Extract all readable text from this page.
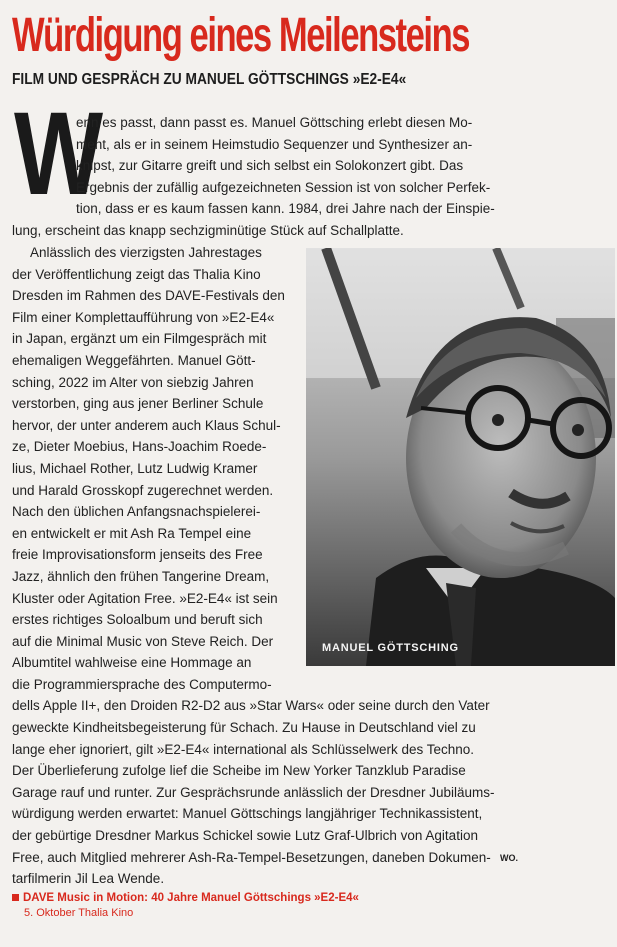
Würdigung eines Meilensteins
FILM UND GESPRÄCH ZU MANUEL GÖTTSCHINGS »E2-E4«
W

enn es passt, dann passt es. Manuel Göttsching erlebt diesen Mo-
ment, als er in seinem Heimstudio Sequenzer und Synthesizer an-
knipst, zur Gitarre greift und sich selbst ein Solokonzert gibt. Das
Ergebnis der zufällig aufgezeichneten Session ist von solcher Perfek-
tion, dass er es kaum fassen kann. 1984, drei Jahre nach der Einspie-
lung, erscheint das knapp sechzigminütige Stück auf Schallplatte.

MANUEL GÖTTSCHING

Anlässlich des vierzigsten Jahrestages
der Veröffentlichung zeigt das Thalia Kino
Dresden im Rahmen des DAVE-Festivals den
Film einer Komplettaufführung von »E2-E4«
in Japan, ergänzt um ein Filmgespräch mit
ehemaligen Weggefährten. Manuel Gött-
sching, 2022 im Alter von siebzig Jahren
verstorben, ging aus jener Berliner Schule
hervor, der unter anderem auch Klaus Schul-
ze, Dieter Moebius, Hans-Joachim Roede-
lius, Michael Rother, Lutz Ludwig Kramer
und Harald Grosskopf zugerechnet werden.
Nach den üblichen Anfangsnachspielerei-
en entwickelt er mit Ash Ra Tempel eine
freie Improvisationsform jenseits des Free
Jazz, ähnlich den frühen Tangerine Dream,
Kluster oder Agitation Free. »E2-E4« ist sein
erstes richtiges Soloalbum und beruft sich
auf die Minimal Music von Steve Reich. Der
Albumtitel wahlweise eine Hommage an
die Programmiersprache des Computermo-
dells Apple II+, den Droiden R2-D2 aus »Star Wars« oder seine durch den Vater
geweckte Kindheitsbegeisterung für Schach. Zu Hause in Deutschland viel zu
lange eher ignoriert, gilt »E2-E4« international als Schlüsselwerk des Techno.
Der Überlieferung zufolge lief die Scheibe im New Yorker Tanzklub Paradise
Garage rauf und runter. Zur Gesprächsrunde anlässlich der Dresdner Jubiläums-
würdigung werden erwartet: Manuel Göttschings langjähriger Technikassistent,
der gebürtige Dresdner Markus Schickel sowie Lutz Graf-Ulbrich von Agitation
Free, auch Mitglied mehrerer Ash-Ra-Tempel-Besetzungen, daneben Dokumen-
tarfilmerin Jil Lea Wende.

WO.
DAVE Music in Motion: 40 Jahre Manuel Göttschings »E2-E4«
5. Oktober Thalia Kino
